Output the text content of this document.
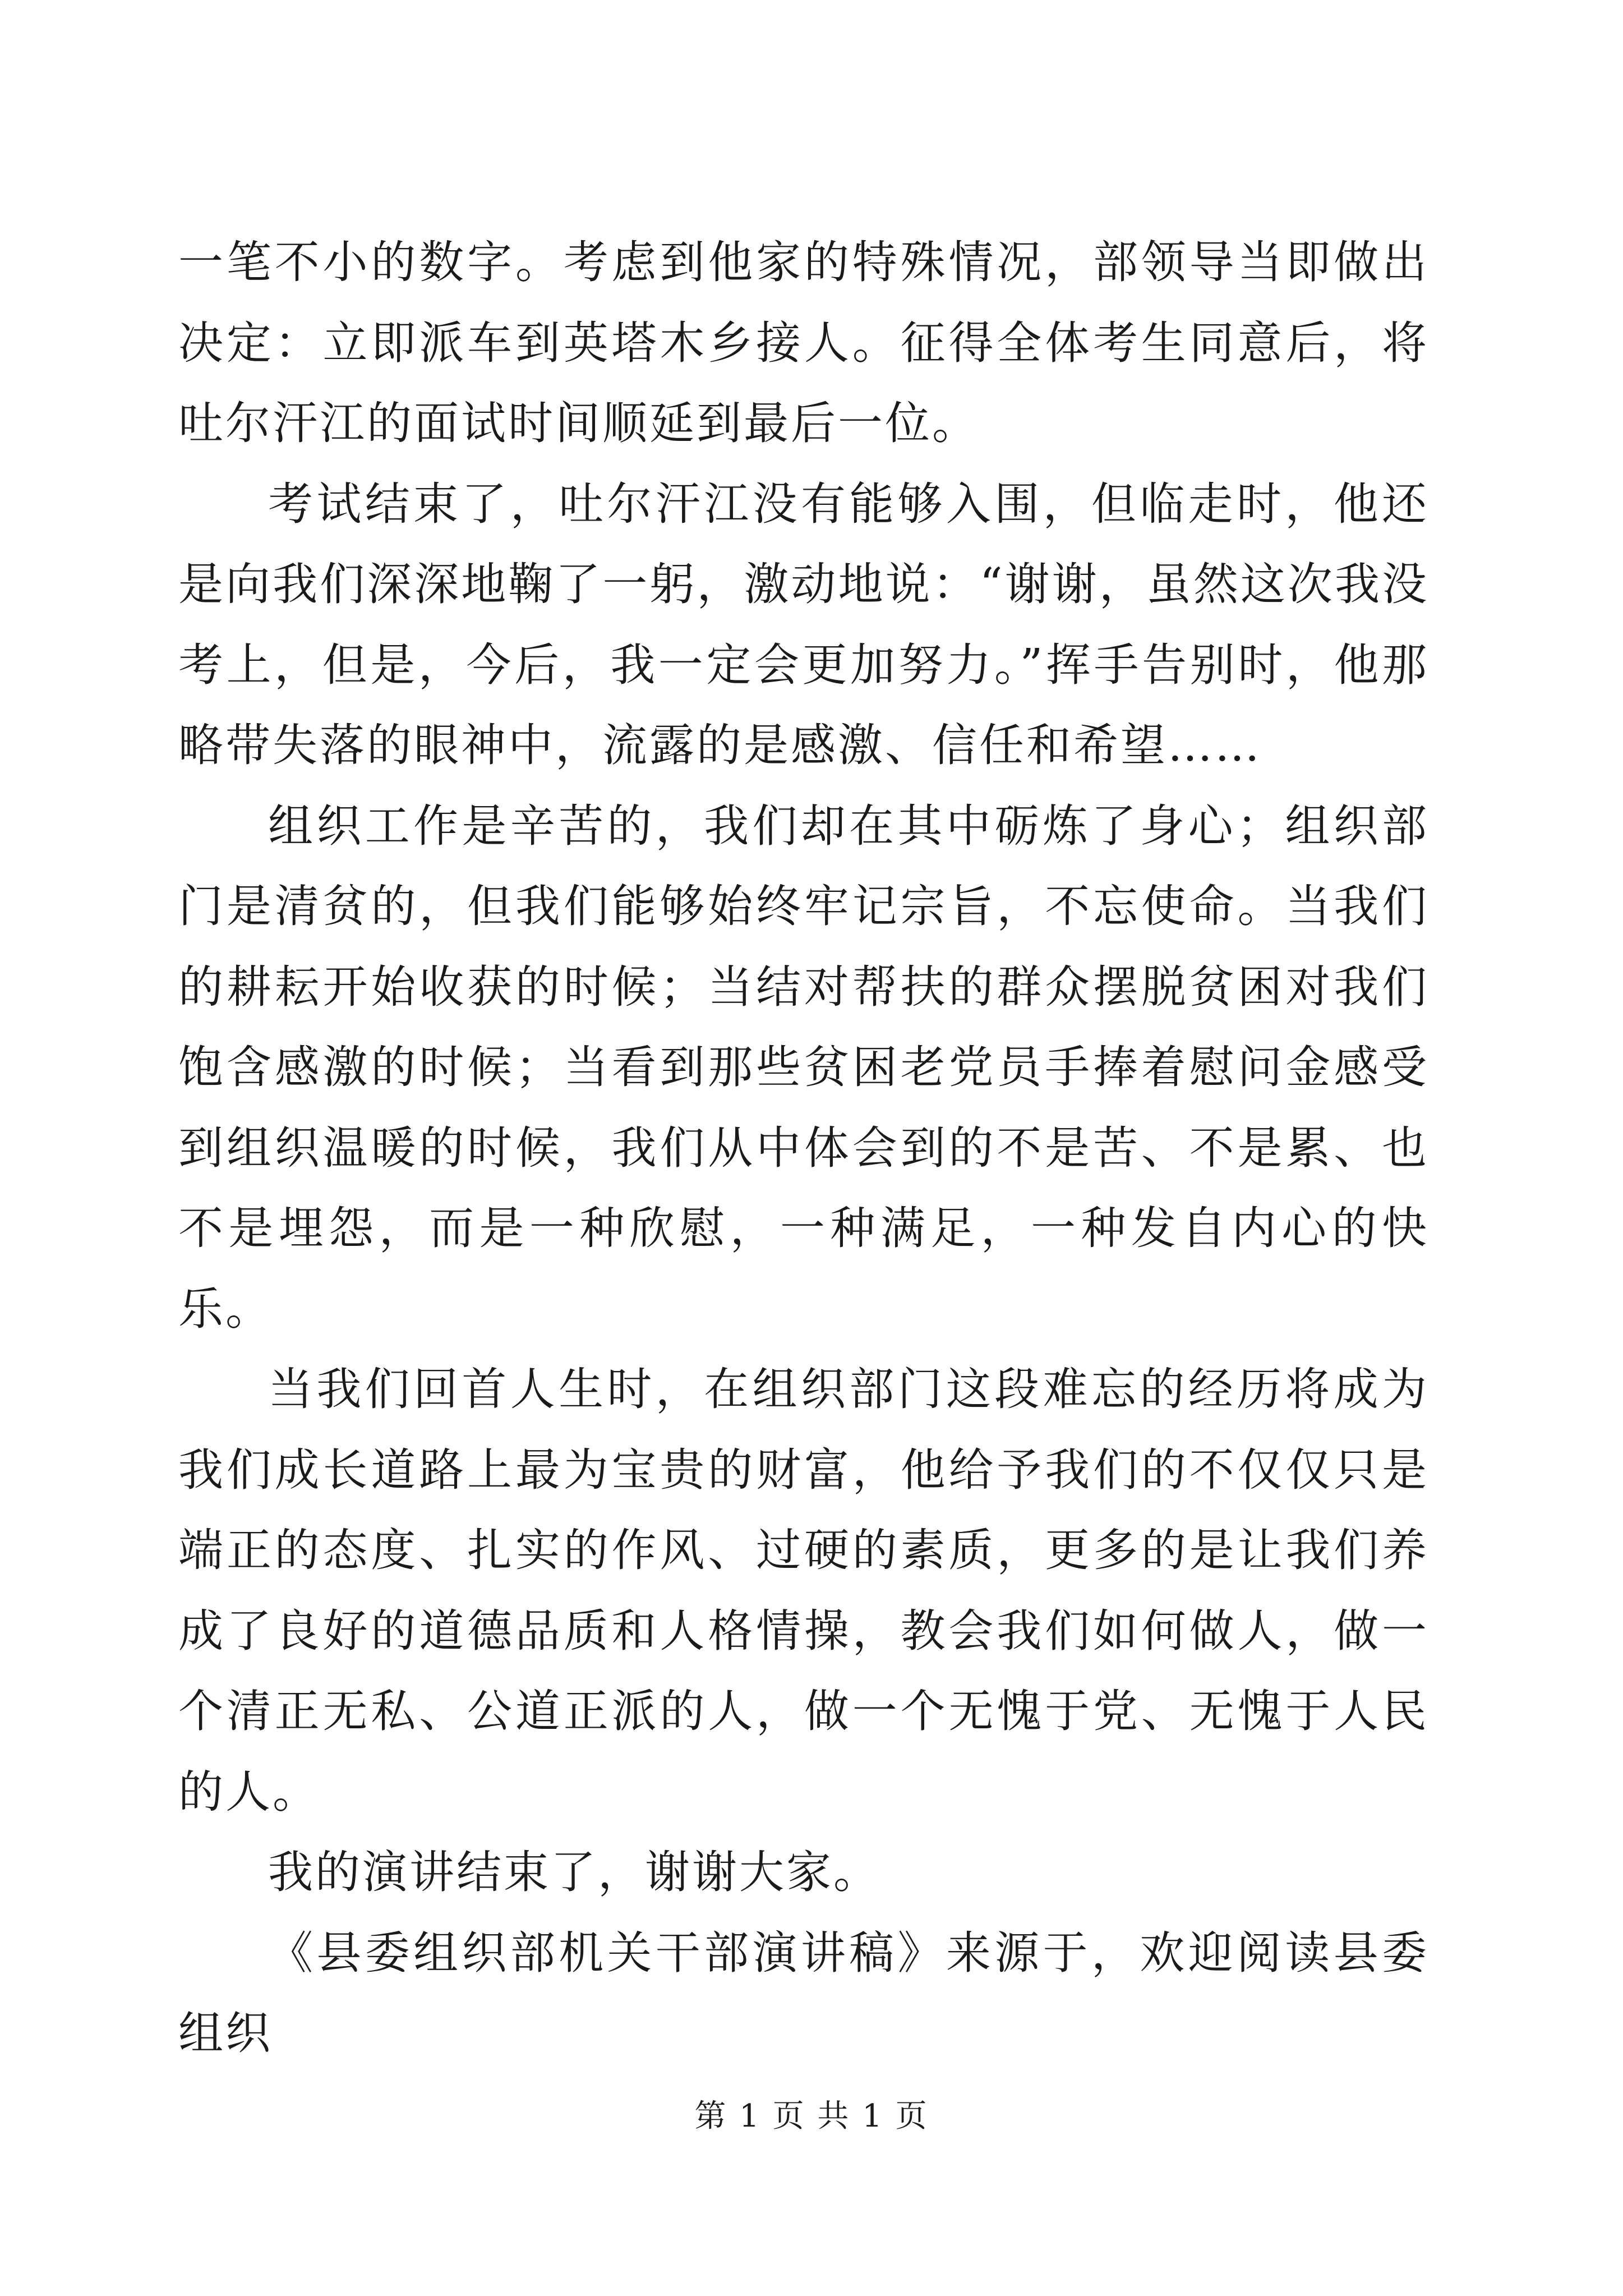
一笔不小的数字。考虑到他家的特殊情况，部领导当即做出决定：立即派车到英塔木乡接人。征得全体考生同意后，将吐尔汗江的面试时间顺延到最后一位。

考试结束了，吐尔汗江没有能够入围，但临走时，他还是向我们深深地鞠了一躬，激动地说：“谢谢，虽然这次我没考上，但是，今后，我一定会更加努力。”挥手告别时，他那略带失落的眼神中，流露的是感激、信任和希望……

组织工作是辛苦的，我们却在其中砺炼了身心；组织部门是清贫的，但我们能够始终牢记宗旨，不忘使命。当我们的耕耘开始收获的时候；当结对帮扶的群众摆脱贫困对我们饱含感激的时候；当看到那些贫困老党员手捧着慰问金感受到组织温暖的时候，我们从中体会到的不是苦、不是累、也不是埋怨，而是一种欣慰，一种满足，一种发自内心的快乐。

当我们回首人生时，在组织部门这段难忘的经历将成为我们成长道路上最为宝贵的财富，他给予我们的不仅仅只是端正的态度、扎实的作风、过硬的素质，更多的是让我们养成了良好的道德品质和人格情操，教会我们如何做人，做一个清正无私、公道正派的人，做一个无愧于党、无愧于人民的人。

我的演讲结束了，谢谢大家。

《县委组织部机关干部演讲稿》来源于，欢迎阅读县委组织

第 1 页 共 1 页
